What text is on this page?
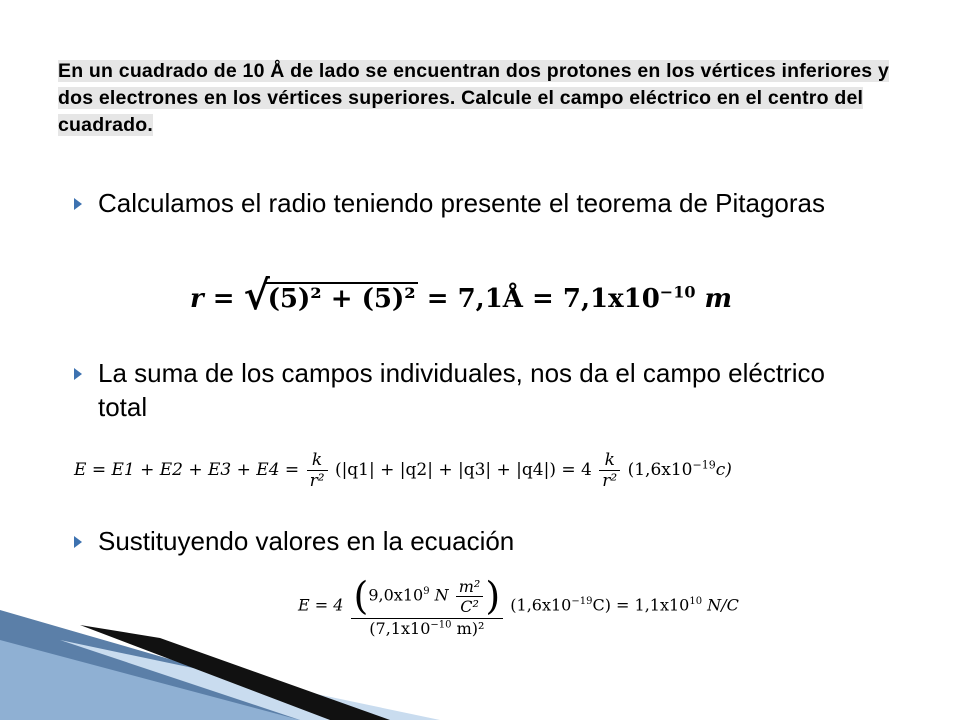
En un cuadrado de 10 Å de lado se encuentran dos protones en los vértices inferiores y dos electrones en los vértices superiores. Calcule el campo eléctrico en el centro del cuadrado.

Calculamos el radio teniendo presente el teorema de Pitagoras
r = √
(5)² + (5)² = 7,1Å = $7,1x10^{-10}$ m
La suma de los campos individuales, nos da el campo eléctrico total
$E = E1 + E2 + E3 + E4 = \frac{k}{\text{r²}} (|q1| + |q2| + |q3| + |q4|) = 4 \frac{k}{\text{r²}} (1,6x10^{-19}c)$
Sustituyendo valores en la ecuación
$E = 4 \frac{(9,0x10^9 N \frac{\text{m²}}{\text{C²}} )}{(7,1x10^{-10} m)^2} (1,6x10^{-19}C) = 1,1x10^{10}$ N/C
